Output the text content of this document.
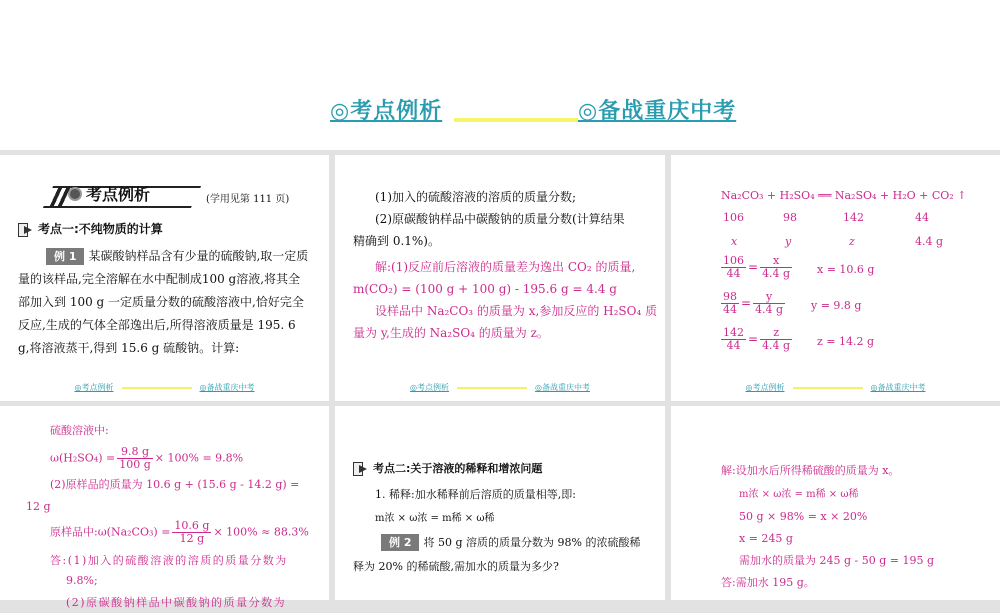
◎考点例析	◎备战重庆中考
考点例析	(学用见第 111 页)
考点一:不纯物质的计算
例 1 某碳酸钠样品含有少量的硫酸钠,取一定质
量的该样品,完全溶解在水中配制成100 g溶液,将其全
部加入到 100 g 一定质量分数的硫酸溶液中,恰好完全
反应,生成的气体全部逸出后,所得溶液质量是 195. 6
g,将溶液蒸干,得到 15.6 g 硫酸钠。计算:
◎考点例析	◎备战重庆中考
(1)加入的硫酸溶液的溶质的质量分数;
(2)原碳酸钠样品中碳酸钠的质量分数(计算结果
精确到 0.1%)。
解:(1)反应前后溶液的质量差为逸出 CO₂ 的质量,
m(CO₂) = (100 g + 100 g) - 195.6 g = 4.4 g
设样品中 Na₂CO₃ 的质量为 x,参加反应的 H₂SO₄ 质
量为 y,生成的 Na₂SO₄ 的质量为 z。
◎考点例析	◎备战重庆中考
Na₂CO₃ + H₂SO₄ ══ Na₂SO₄ + H₂O + CO₂ ↑
106	98	142	44
x	y	z	4.4 g
$\frac{106}{44} = \frac{x}{4.4 g}$ x = 10.6 g
$\frac{98}{44} = \frac{y}{4.4 g}$ y = 9.8 g
$\frac{142}{44} = \frac{z}{4.4 g}$ z = 14.2 g
◎考点例析	◎备战重庆中考
硫酸溶液中:
$\omega(H_2SO_4) = \frac{9.8 g}{100 g} \times 100\% = 9.8\%$
(2)原样品的质量为 10.6 g + (15.6 g - 14.2 g) =
12 g
原样品中:ω(Na₂CO₃) = $\frac{10.6 g}{12 g} \times 100\% \approx 88.3\%$
答:(1)加入的硫酸溶液的溶质的质量分数为
9.8%;
(2)原碳酸钠样品中碳酸钠的质量分数为
考点二:关于溶液的稀释和增浓问题
1. 稀释:加水稀释前后溶质的质量相等,即:
m浓 × ω浓 = m稀 × ω稀
例 2 将 50 g 溶质的质量分数为 98% 的浓硫酸稀
释为 20% 的稀硫酸,需加水的质量为多少?
解:设加水后所得稀硫酸的质量为 x。
m浓 × ω浓 = m稀 × ω稀
50 g × 98% = x × 20%
x = 245 g
需加水的质量为 245 g - 50 g = 195 g
答:需加水 195 g。
